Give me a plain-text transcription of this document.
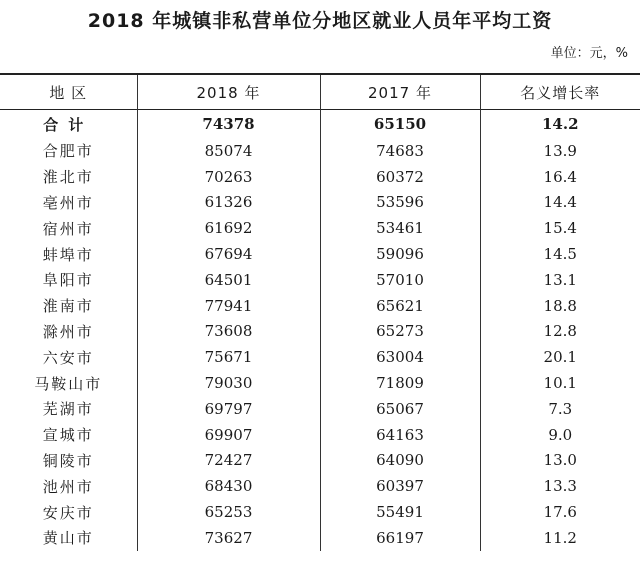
2018 年城镇非私营单位分地区就业人员年平均工资
单位：元，%
地 区	2018 年	2017 年	名义增长率
合计	74378	65150	14.2
合肥市	85074	74683	13.9
淮北市	70263	60372	16.4
亳州市	61326	53596	14.4
宿州市	61692	53461	15.4
蚌埠市	67694	59096	14.5
阜阳市	64501	57010	13.1
淮南市	77941	65621	18.8
滁州市	73608	65273	12.8
六安市	75671	63004	20.1
马鞍山市	79030	71809	10.1
芜湖市	69797	65067	7.3
宣城市	69907	64163	9.0
铜陵市	72427	64090	13.0
池州市	68430	60397	13.3
安庆市	65253	55491	17.6
黄山市	73627	66197	11.2
